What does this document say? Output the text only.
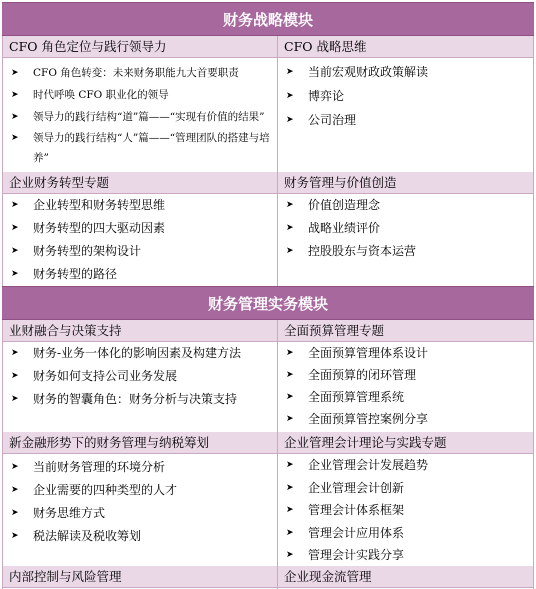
财务战略模块
CFO 角色定位与践行领导力
➤ CFO 角色转变：未来财务职能九大首要职责
➤ 时代呼唤 CFO 职业化的领导
➤ 领导力的践行结构“道”篇——“实现有价值的结果”
➤ 领导力的践行结构“人”篇——“管理团队的搭建与培养”
CFO 战略思维
➤ 当前宏观财政政策解读
➤ 博弈论
➤ 公司治理
企业财务转型专题
➤ 企业转型和财务转型思维
➤ 财务转型的四大驱动因素
➤ 财务转型的架构设计
➤ 财务转型的路径
财务管理与价值创造
➤ 价值创造理念
➤ 战略业绩评价
➤ 控股股东与资本运营
财务管理实务模块
业财融合与决策支持
➤ 财务-业务一体化的影响因素及构建方法
➤ 财务如何支持公司业务发展
➤ 财务的智囊角色：财务分析与决策支持
全面预算管理专题
➤ 全面预算管理体系设计
➤ 全面预算的闭环管理
➤ 全面预算管理系统
➤ 全面预算管控案例分享
新金融形势下的财务管理与纳税筹划
➤ 当前财务管理的环境分析
➤ 企业需要的四种类型的人才
➤ 财务思维方式
➤ 税法解读及税收筹划
企业管理会计理论与实践专题
➤ 企业管理会计发展趋势
➤ 企业管理会计创新
➤ 管理会计体系框架
➤ 管理会计应用体系
➤ 管理会计实践分享
内部控制与风险管理	企业现金流管理
